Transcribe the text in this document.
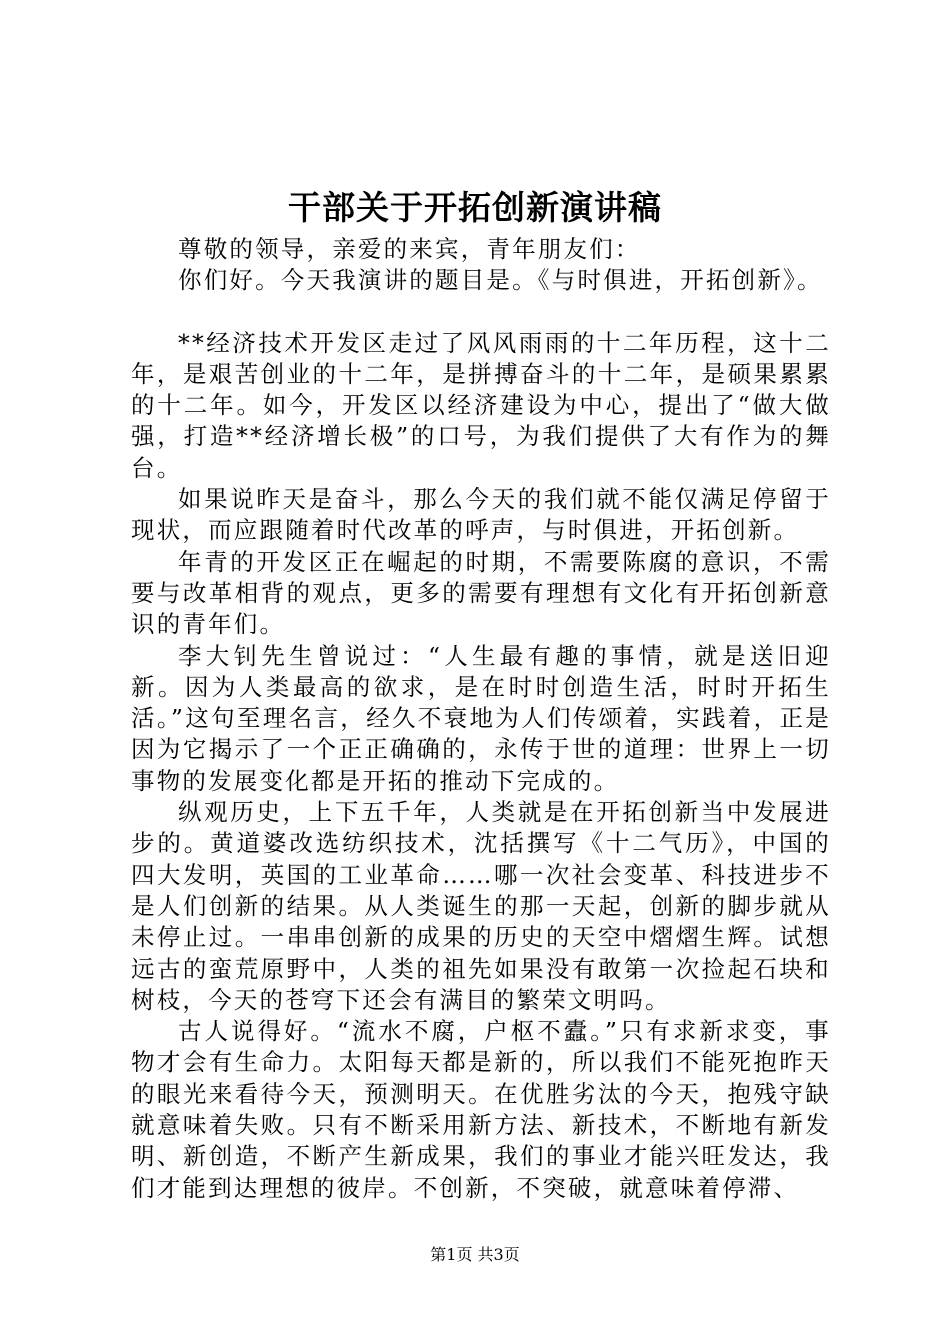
干部关于开拓创新演讲稿

尊敬的领导，亲爱的来宾，青年朋友们：

你们好。今天我演讲的题目是。《与时俱进，开拓创新》。

**经济技术开发区走过了风风雨雨的十二年历程，这十二年，是艰苦创业的十二年，是拼搏奋斗的十二年，是硕果累累的十二年。如今，开发区以经济建设为中心，提出了“做大做强，打造**经济增长极”的口号，为我们提供了大有作为的舞台。

如果说昨天是奋斗，那么今天的我们就不能仅满足停留于现状，而应跟随着时代改革的呼声，与时俱进，开拓创新。

年青的开发区正在崛起的时期，不需要陈腐的意识，不需要与改革相背的观点，更多的需要有理想有文化有开拓创新意识的青年们。

李大钊先生曾说过：“人生最有趣的事情，就是送旧迎新。因为人类最高的欲求，是在时时创造生活，时时开拓生活。”这句至理名言，经久不衰地为人们传颂着，实践着，正是因为它揭示了一个正正确确的，永传于世的道理：世界上一切事物的发展变化都是开拓的推动下完成的。

纵观历史，上下五千年，人类就是在开拓创新当中发展进步的。黄道婆改选纺织技术，沈括撰写《十二气历》，中国的四大发明，英国的工业革命……哪一次社会变革、科技进步不是人们创新的结果。从人类诞生的那一天起，创新的脚步就从未停止过。一串串创新的成果的历史的天空中熠熠生辉。试想远古的蛮荒原野中，人类的祖先如果没有敢第一次捡起石块和树枝，今天的苍穹下还会有满目的繁荣文明吗。

古人说得好。“流水不腐，户枢不蠹。”只有求新求变，事物才会有生命力。太阳每天都是新的，所以我们不能死抱昨天的眼光来看待今天，预测明天。在优胜劣汰的今天，抱残守缺就意味着失败。只有不断采用新方法、新技术，不断地有新发明、新创造，不断产生新成果，我们的事业才能兴旺发达，我们才能到达理想的彼岸。不创新，不突破，就意味着停滞、

第1页 共3页
